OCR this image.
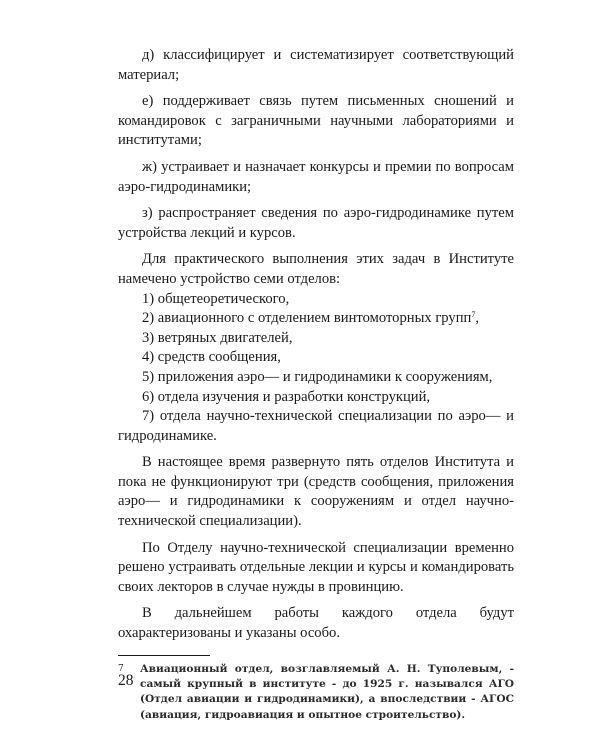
д) классифицирует и систематизирует соответствующий материал;

е) поддерживает связь путем письменных сношений и командировок с заграничными научными лабораториями и институтами;

ж) устраивает и назначает конкурсы и премии по вопросам аэро-гидродинамики;

з) распространяет сведения по аэро-гидродинамике путем устройства лекций и курсов.

Для практического выполнения этих задач в Институте намечено устройство семи отделов:

1) общетеоретического,
2) авиационного с отделением винтомоторных групп$^7$,
3) ветряных двигателей,
4) средств сообщения,
5) приложения аэро— и гидродинамики к сооружениям,
6) отдела изучения и разработки конструкций,
7) отдела научно-технической специализации по аэро— и гидродинамике.

В настоящее время развернуто пять отделов Института и пока не функционируют три (средств сообщения, приложения аэро— и гидродинамики к сооружениям и отдел научно-технической специализации).

По Отделу научно-технической специализации временно решено устраивать отдельные лекции и курсы и командировать своих лекторов в случае нужды в провинцию.

В дальнейшем работы каждого отдела будут охарактеризованы и указаны особо.

7	Авиационный отдел, возглавляемый А. Н. Туполевым, - самый крупный в институте - до 1925 г. назывался АГО (Отдел авиации и гидродинамики), а впоследствии - АГОС (авиация, гидроавиация и опытное строительство).
28
